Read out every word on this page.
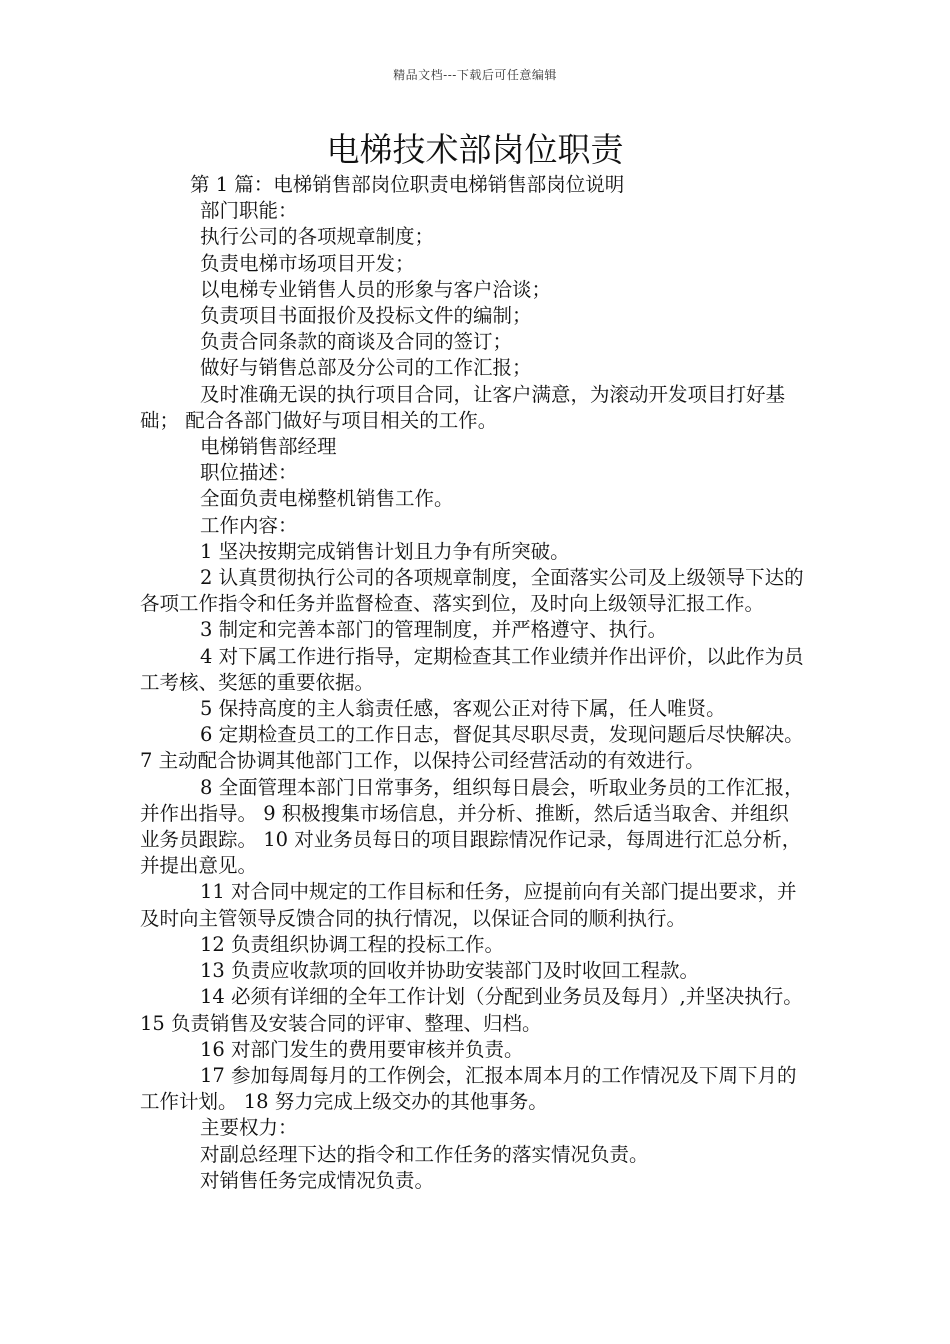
精品文档---下载后可任意编辑
电梯技术部岗位职责

第 1 篇：电梯销售部岗位职责电梯销售部岗位说明

部门职能：

执行公司的各项规章制度；

负责电梯市场项目开发；

以电梯专业销售人员的形象与客户洽谈；

负责项目书面报价及投标文件的编制；

负责合同条款的商谈及合同的签订；

做好与销售总部及分公司的工作汇报；

及时准确无误的执行项目合同，让客户满意，为滚动开发项目打好基础； 配合各部门做好与项目相关的工作。

电梯销售部经理

职位描述：

全面负责电梯整机销售工作。

工作内容：

1 坚决按期完成销售计划且力争有所突破。

2 认真贯彻执行公司的各项规章制度，全面落实公司及上级领导下达的各项工作指令和任务并监督检查、落实到位，及时向上级领导汇报工作。

3 制定和完善本部门的管理制度，并严格遵守、执行。

4 对下属工作进行指导，定期检查其工作业绩并作出评价，以此作为员工考核、奖惩的重要依据。

5 保持高度的主人翁责任感，客观公正对待下属，任人唯贤。

6 定期检查员工的工作日志，督促其尽职尽责，发现问题后尽快解决。 7 主动配合协调其他部门工作，以保持公司经营活动的有效进行。

8 全面管理本部门日常事务，组织每日晨会，听取业务员的工作汇报，并作出指导。 9 积极搜集市场信息，并分析、推断，然后适当取舍、并组织业务员跟踪。 10 对业务员每日的项目跟踪情况作记录，每周进行汇总分析，并提出意见。

11 对合同中规定的工作目标和任务，应提前向有关部门提出要求，并及时向主管领导反馈合同的执行情况，以保证合同的顺利执行。

12 负责组织协调工程的投标工作。

13 负责应收款项的回收并协助安装部门及时收回工程款。

14 必须有详细的全年工作计划（分配到业务员及每月）,并坚决执行。 15 负责销售及安装合同的评审、整理、归档。

16 对部门发生的费用要审核并负责。

17 参加每周每月的工作例会，汇报本周本月的工作情况及下周下月的工作计划。 18 努力完成上级交办的其他事务。

主要权力：

对副总经理下达的指令和工作任务的落实情况负责。

对销售任务完成情况负责。
